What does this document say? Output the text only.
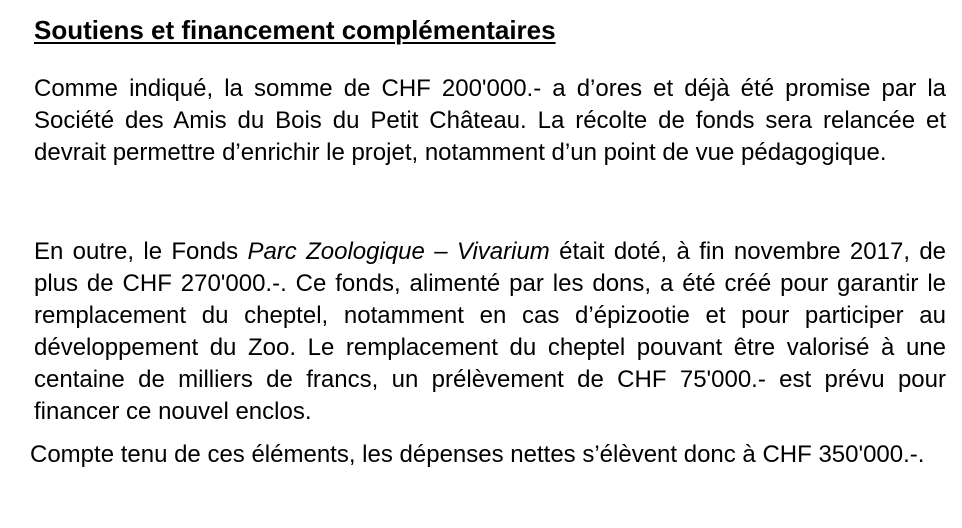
Soutiens et financement complémentaires

Comme indiqué, la somme de CHF 200'000.- a d’ores et déjà été promise par la Société des Amis du Bois du Petit Château. La récolte de fonds sera relancée et devrait permettre d’enrichir le projet, notamment d’un point de vue pédagogique.

En outre, le Fonds Parc Zoologique – Vivarium était doté, à fin novembre 2017, de plus de CHF 270'000.-. Ce fonds, alimenté par les dons, a été créé pour garantir le remplacement du cheptel, notamment en cas d’épizootie et pour participer au développement du Zoo. Le remplacement du cheptel pouvant être valorisé à une centaine de milliers de francs, un prélèvement de CHF 75'000.- est prévu pour financer ce nouvel enclos.

Compte tenu de ces éléments, les dépenses nettes s’élèvent donc à CHF 350'000.-.
